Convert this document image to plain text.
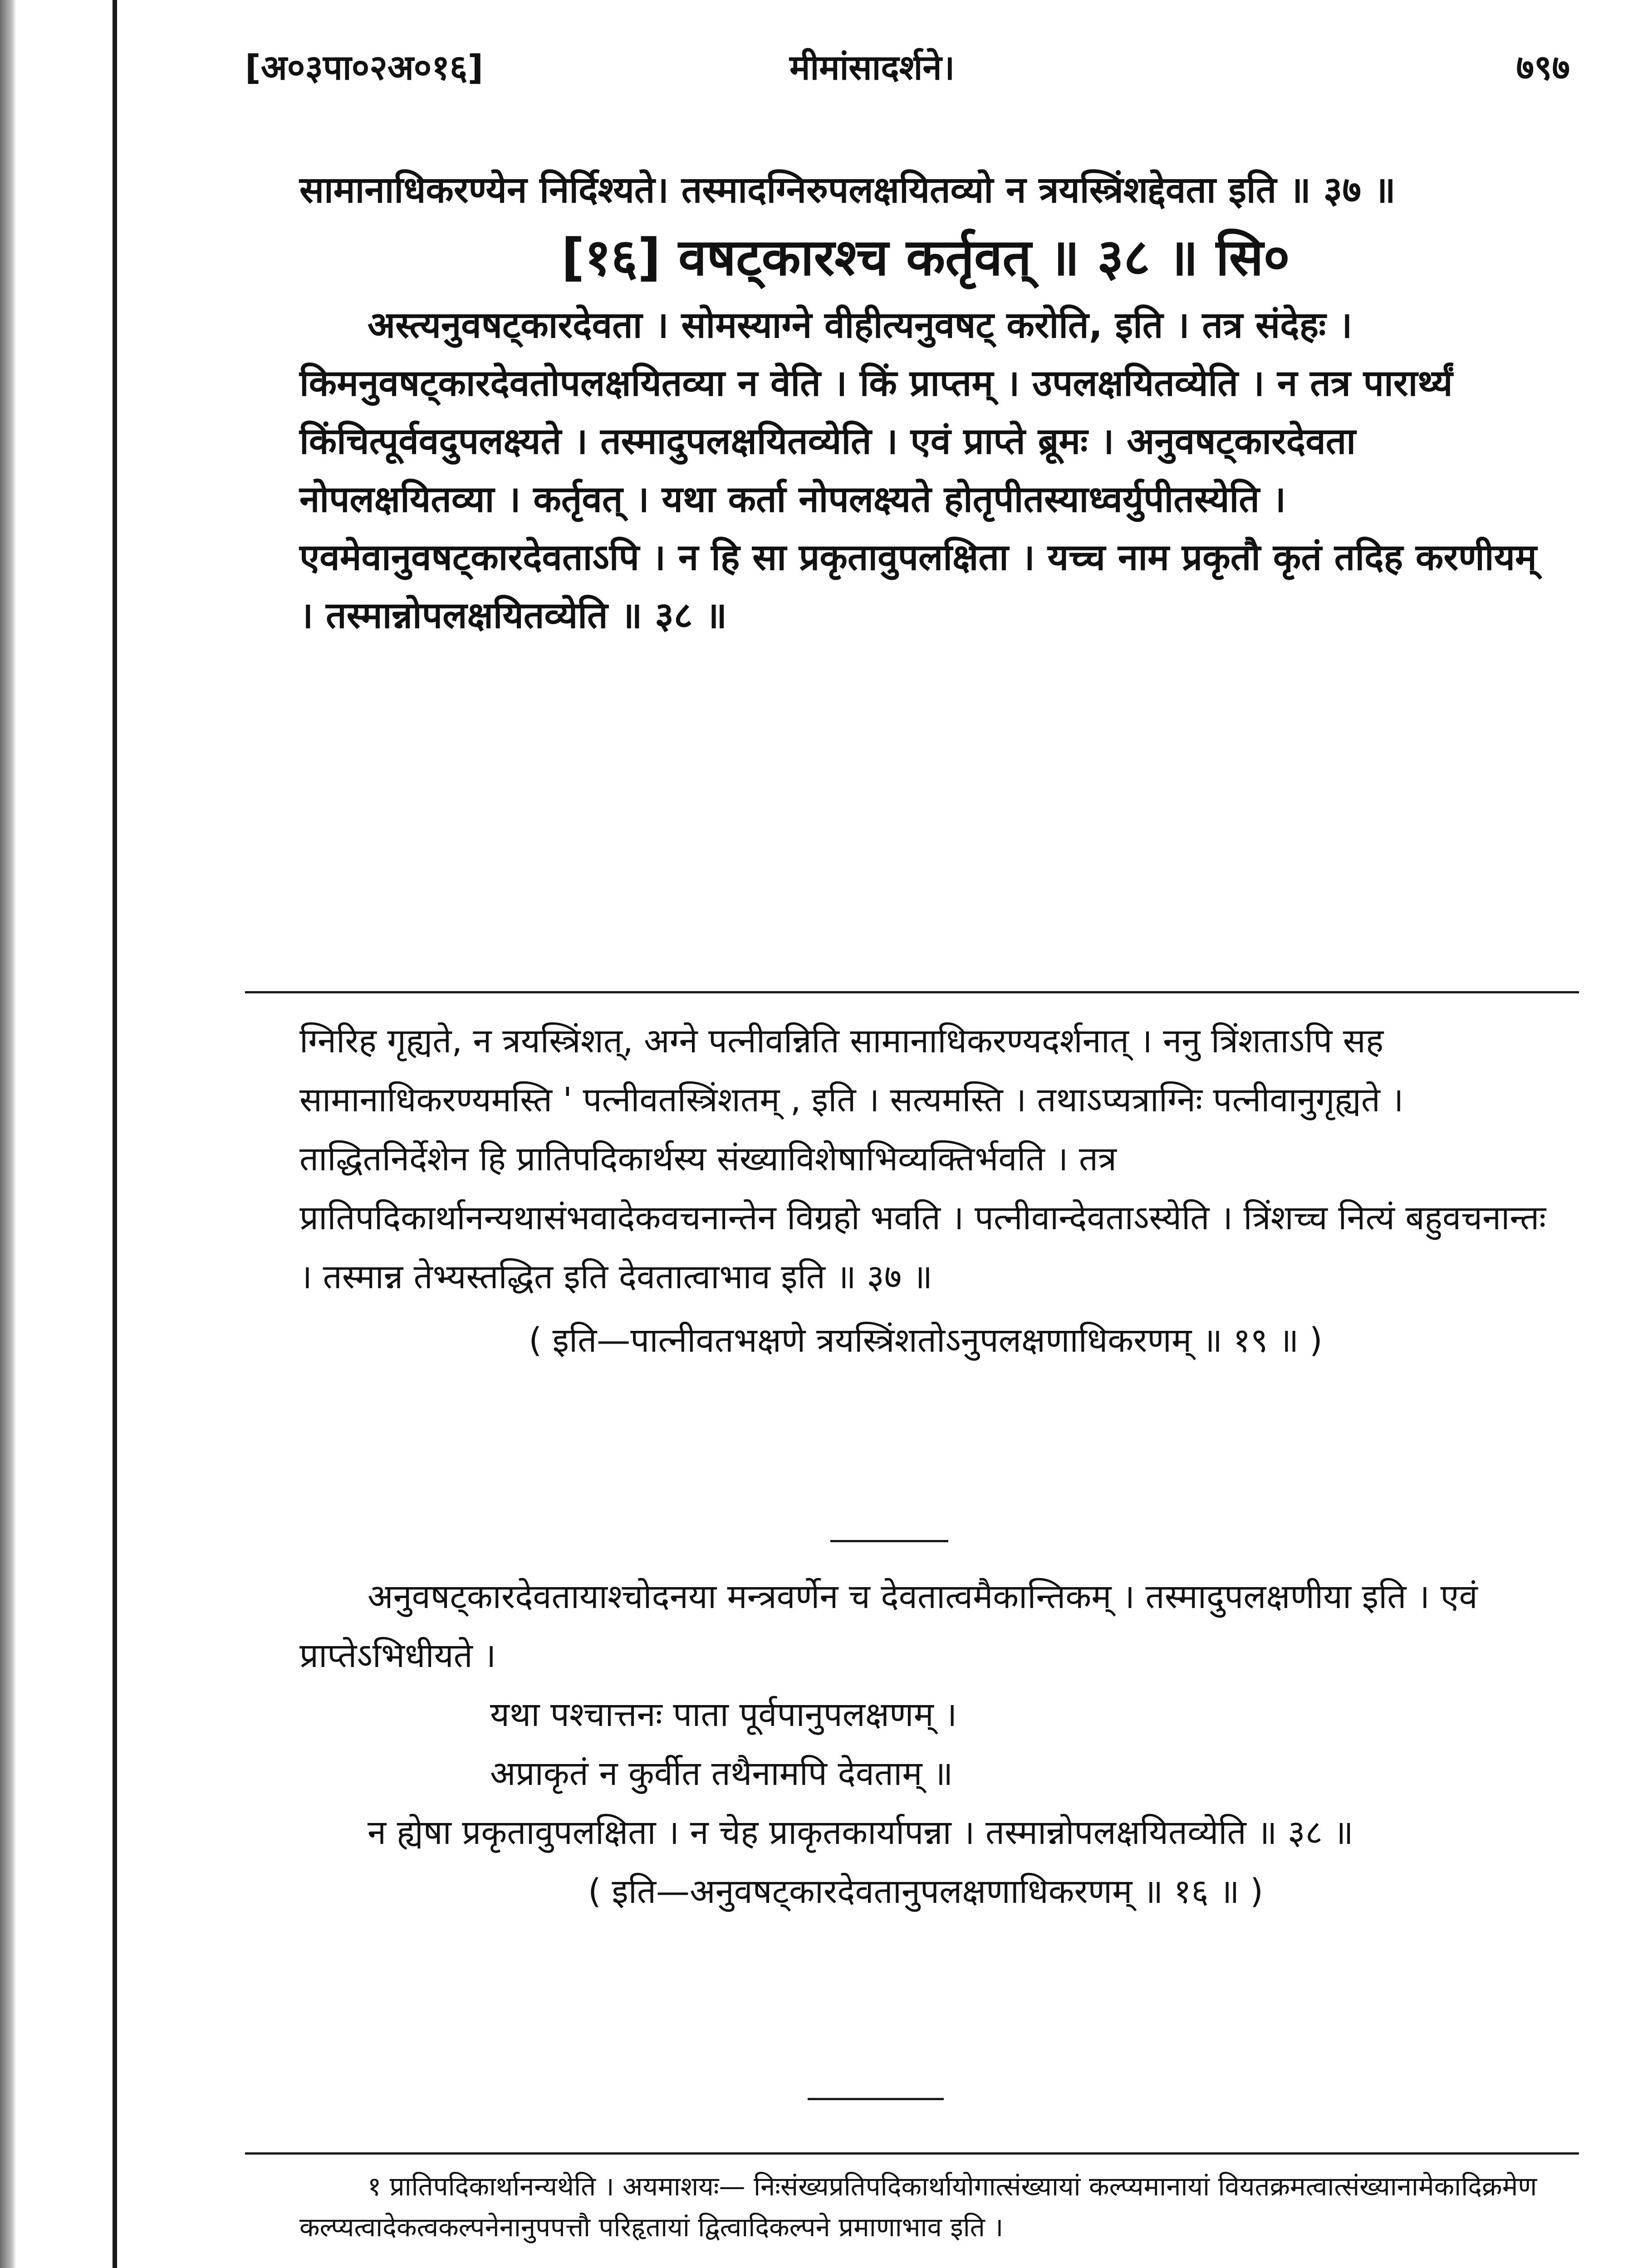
[अ०३पा०२अ०१६]	मीमांसादर्शने।	७९७

सामानाधिकरण्येन निर्दिश्यते। तस्मादग्निरुपलक्षयितव्यो न त्रयस्त्रिंशद्देवता इति ॥ ३७ ॥

[१६] वषट्कारश्च कर्तृवत् ॥ ३८ ॥ सि०

अस्त्यनुवषट्कारदेवता । सोमस्याग्ने वीहीत्यनुवषट् करोति, इति । तत्र संदेहः । किमनुवषट्कारदेवतोपलक्षयितव्या न वेति । किं प्राप्तम् । उपलक्षयितव्येति । न तत्र पारार्थ्यं किंचित्पूर्ववदुपलक्ष्यते । तस्मादुपलक्षयितव्येति । एवं प्राप्ते ब्रूमः । अनुवषट्कारदेवता नोपलक्षयितव्या । कर्तृवत् । यथा कर्ता नोपलक्ष्यते होतृपीतस्याध्वर्युपीतस्येति । एवमेवानुवषट्कारदेवताऽपि । न हि सा प्रकृतावुपलक्षिता । यच्च नाम प्रकृतौ कृतं तदिह करणीयम् । तस्मान्नोपलक्षयितव्येति ॥ ३८ ॥

ग्निरिह गृह्यते, न त्रयस्त्रिंशत्, अग्ने पत्नीवन्निति सामानाधिकरण्यदर्शनात् । ननु त्रिंशताऽपि सह सामानाधिकरण्यमस्ति ' पत्नीवतस्त्रिंशतम् , इति । सत्यमस्ति । तथाऽप्यत्राग्निः पत्नीवानुगृह्यते । ताद्धितनिर्देशेन हि प्रातिपदिकार्थस्य संख्याविशेषाभिव्यक्तिर्भवति । तत्र प्रातिपदिकार्थानन्यथासंभवादेकवचनान्तेन विग्रहो भवति । पत्नीवान्देवताऽस्येति । त्रिंशच्च नित्यं बहुवचनान्तः । तस्मान्न तेभ्यस्तद्धित इति देवतात्वाभाव इति ॥ ३७ ॥

( इति—पात्नीवतभक्षणे त्रयस्त्रिंशतोऽनुपलक्षणाधिकरणम् ॥ १९ ॥ )

अनुवषट्कारदेवतायाश्चोदनया मन्त्रवर्णेन च देवतात्वमैकान्तिकम् । तस्मादुपलक्षणीया इति । एवं प्राप्तेऽभिधीयते ।

यथा पश्चात्तनः पाता पूर्वपानुपलक्षणम् ।

अप्राकृतं न कुर्वीत तथैनामपि देवताम् ॥

न ह्येषा प्रकृतावुपलक्षिता । न चेह प्राकृतकार्यापन्ना । तस्मान्नोपलक्षयितव्येति ॥ ३८ ॥

( इति—अनुवषट्कारदेवतानुपलक्षणाधिकरणम् ॥ १६ ॥ )

१ प्रातिपदिकार्थानन्यथेति । अयमाशयः— निःसंख्यप्रतिपदिकार्थायोगात्संख्यायां कल्प्यमानायां वियतक्रमत्वात्संख्यानामेकादिक्रमेण कल्प्यत्वादेकत्वकल्पनेनानुपपत्तौ परिहृतायां द्वित्वादिकल्पने प्रमाणाभाव इति ।
